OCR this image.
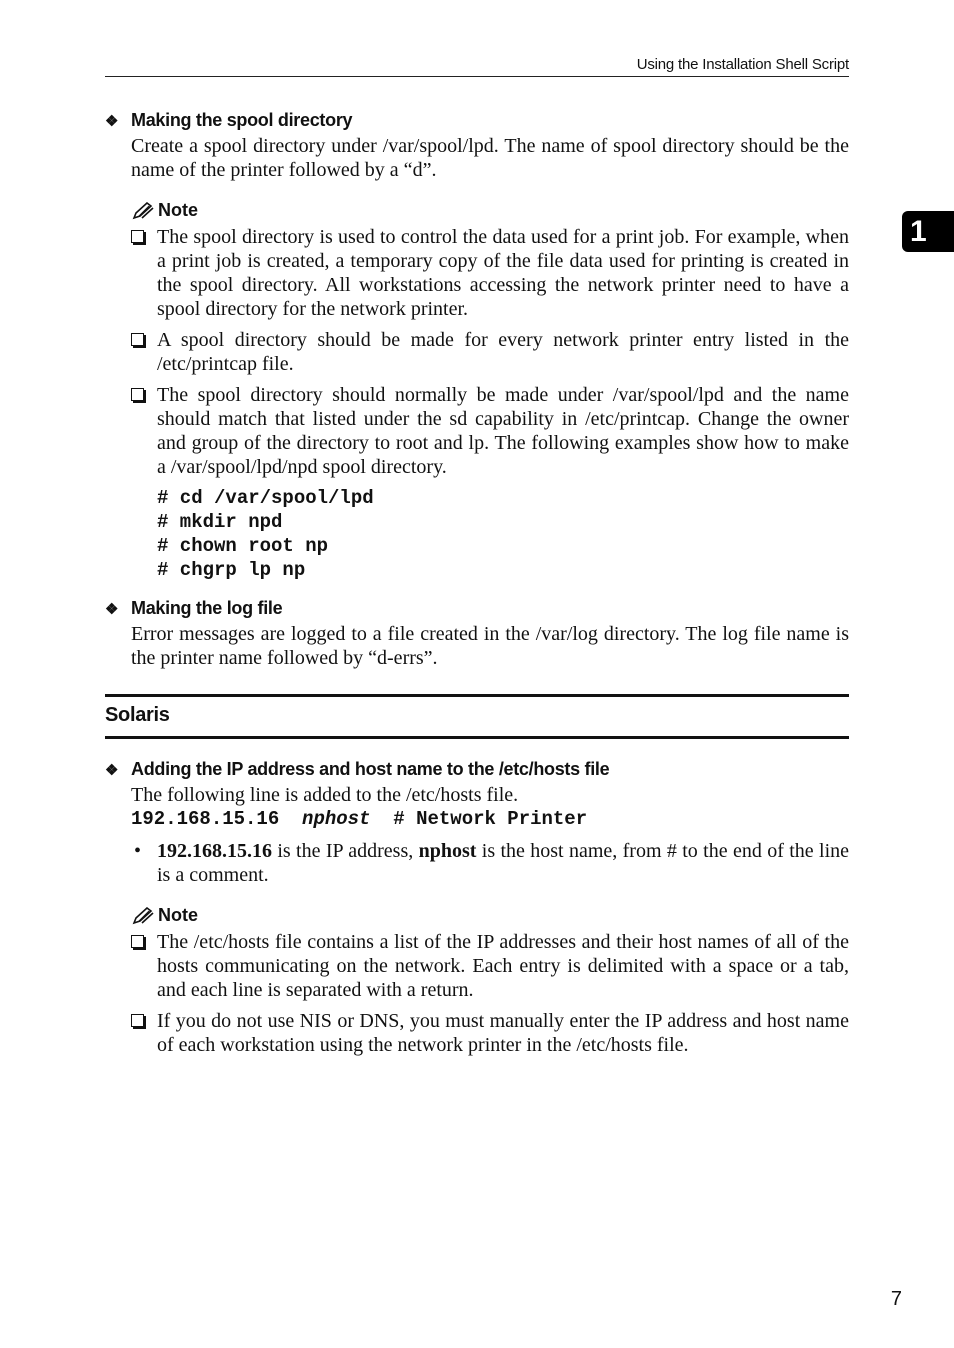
Using the Installation Shell Script
1
❖ Making the spool directory

Create a spool directory under /var/spool/lpd. The name of spool directory should be the name of the printer followed by a “d”.

Note
The spool directory is used to control the data used for a print job. For example, when a print job is created, a temporary copy of the file data used for printing is created in the spool directory. All workstations accessing the network printer need to have a spool directory for the network printer.
A spool directory should be made for every network printer entry listed in the /etc/printcap file.
The spool directory should normally be made under /var/spool/lpd and the name should match that listed under the sd capability in /etc/printcap. Change the owner and group of the directory to root and lp. The following examples show how to make a /var/spool/lpd/npd spool directory.
# cd /var/spool/lpd
# mkdir npd
# chown root np
# chgrp lp np
❖ Making the log file

Error messages are logged to a file created in the /var/log directory. The log file name is the printer name followed by “d-errs”.

Solaris
❖ Adding the IP address and host name to the /etc/hosts file

The following line is added to the /etc/hosts file.

192.168.15.16 nphost # Network Printer
• 192.168.15.16 is the IP address, nphost is the host name, from # to the end of the line is a comment.
Note
The /etc/hosts file contains a list of the IP addresses and their host names of all of the hosts communicating on the network. Each entry is delimited with a space or a tab, and each line is separated with a return.
If you do not use NIS or DNS, you must manually enter the IP address and host name of each workstation using the network printer in the /etc/hosts file.
7
